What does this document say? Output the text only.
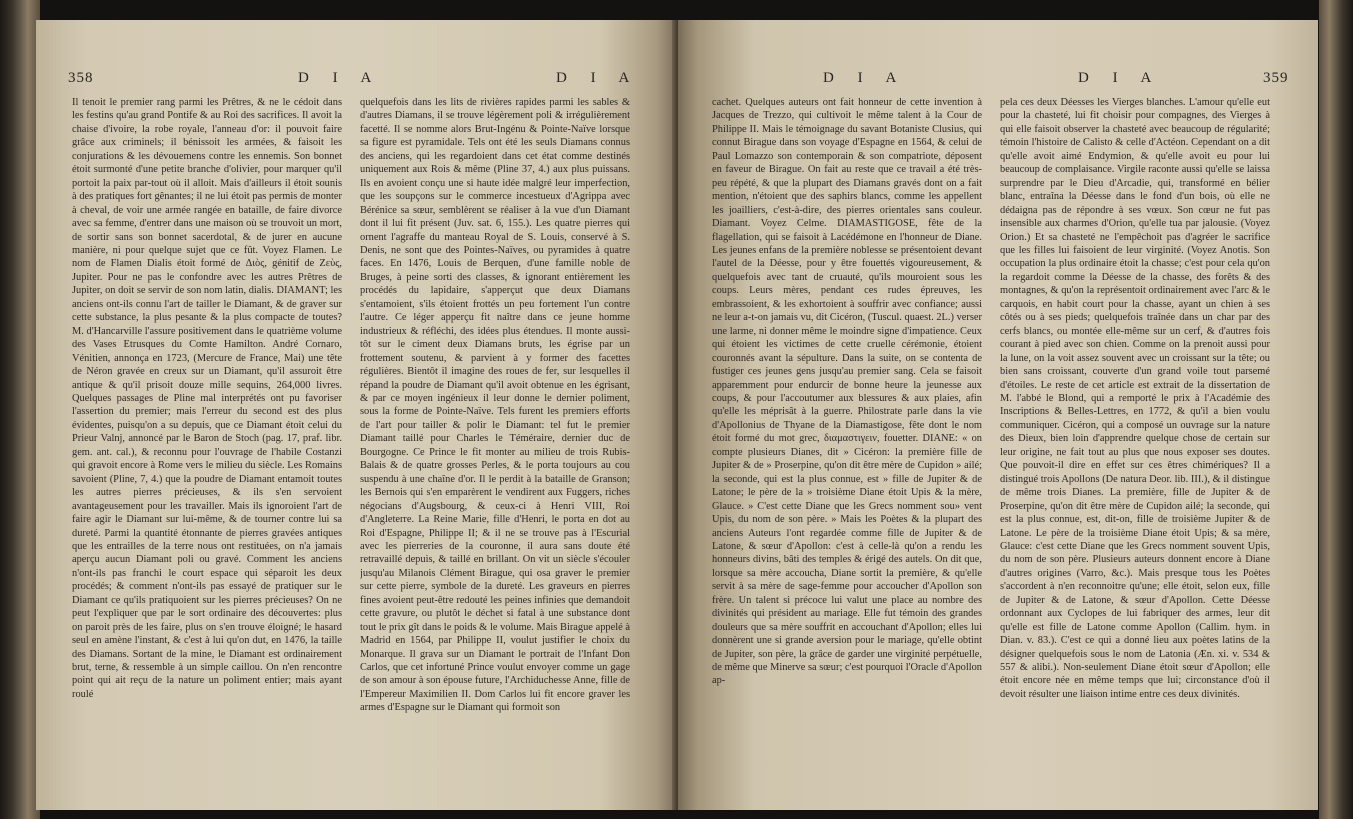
358	D I A	D I A

Il tenoit le premier rang parmi les Prêtres, & ne le cédoit dans les festins qu'au grand Pontife & au Roi des sacrifices. Il avoit la chaise d'ivoire, la robe royale, l'anneau d'or: il pouvoit faire grâce aux criminels; il bénissoit les armées, & faisoit les conjurations & les dévouemens contre les ennemis. Son bonnet étoit surmonté d'une petite branche d'olivier, pour marquer qu'il portoit la paix par-tout où il alloit. Mais d'ailleurs il étoit sounis à des pratiques fort gênantes; il ne lui étoit pas permis de monter à cheval, de voir une armée rangée en bataille, de faire divorce avec sa femme, d'entrer dans une maison où se trouvoit un mort, de sortir sans son bonnet sacerdotal, & de jurer en aucune manière, ni pour quelque sujet que ce fût. Voyez Flamen. Le nom de Flamen Dialis étoit formé de Διὸς, génitif de Ζεὺς, Jupiter. Pour ne pas le confondre avec les autres Prêtres de Jupiter, on doit se servir de son nom latin, dialis. DIAMANT; les anciens ont-ils connu l'art de tailler le Diamant, & de graver sur cette substance, la plus pesante & la plus compacte de toutes? M. d'Hancarville l'assure positivement dans le quatrième volume des Vases Etrusques du Comte Hamilton. André Cornaro, Vénitien, annonça en 1723, (Mercure de France, Mai) une tête de Néron gravée en creux sur un Diamant, qu'il assuroit être antique & qu'il prisoit douze mille sequins, 264,000 livres. Quelques passages de Pline mal interprétés ont pu favoriser l'assertion du premier; mais l'erreur du second est des plus évidentes, puisqu'on a su depuis, que ce Diamant étoit celui du Prieur Valnj, annoncé par le Baron de Stoch (pag. 17, praf. libr. gem. ant. cal.), & reconnu pour l'ouvrage de l'habile Costanzi qui gravoit encore à Rome vers le milieu du siècle. Les Romains savoient (Pline, 7, 4.) que la poudre de Diamant entamoit toutes les autres pierres précieuses, & ils s'en servoient avantageusement pour les travailler. Mais ils ignoroient l'art de faire agir le Diamant sur lui-même, & de tourner contre lui sa dureté. Parmi la quantité étonnante de pierres gravées antiques que les entrailles de la terre nous ont restituées, on n'a jamais aperçu aucun Diamant poli ou gravé. Comment les anciens n'ont-ils pas franchi le court espace qui séparoit les deux procédés; & comment n'ont-ils pas essayé de pratiquer sur le Diamant ce qu'ils pratiquoient sur les pierres précieuses? On ne peut l'expliquer que par le sort ordinaire des découvertes: plus on paroit près de les faire, plus on s'en trouve éloigné; le hasard seul en amène l'instant, & c'est à lui qu'on dut, en 1476, la taille des Diamans. Sortant de la mine, le Diamant est ordinairement brut, terne, & ressemble à un simple caillou. On n'en rencontre point qui ait reçu de la nature un poliment entier; mais ayant roulé

quelquefois dans les lits de rivières rapides parmi les sables & d'autres Diamans, il se trouve légèrement poli & irrégulièrement facetté. Il se nomme alors Brut-Ingénu & Pointe-Naïve lorsque sa figure est pyramidale. Tels ont été les seuls Diamans connus des anciens, qui les regardoient dans cet état comme destinés uniquement aux Rois & même (Pline 37, 4.) aux plus puissans. Ils en avoient conçu une si haute idée malgré leur imperfection, que les soupçons sur le commerce incestueux d'Agrippa avec Bérénice sa sœur, semblèrent se réaliser à la vue d'un Diamant dont il lui fit présent (Juv. sat. 6, 155.). Les quatre pierres qui ornent l'agraffe du manteau Royal de S. Louis, conservé à S. Denis, ne sont que des Pointes-Naïves, ou pyramides à quatre faces. En 1476, Louis de Berquen, d'une famille noble de Bruges, à peine sorti des classes, & ignorant entièrement les procédés du lapidaire, s'apperçut que deux Diamans s'entamoient, s'ils étoient frottés un peu fortement l'un contre l'autre. Ce léger apperçu fit naître dans ce jeune homme industrieux & réfléchi, des idées plus étendues. Il monte aussi-tôt sur le ciment deux Diamans bruts, les égrise par un frottement soutenu, & parvient à y former des facettes régulières. Bientôt il imagine des roues de fer, sur lesquelles il répand la poudre de Diamant qu'il avoit obtenue en les égrisant, & par ce moyen ingénieux il leur donne le dernier poliment, sous la forme de Pointe-Naïve. Tels furent les premiers efforts de l'art pour tailler & polir le Diamant: tel fut le premier Diamant taillé pour Charles le Téméraire, dernier duc de Bourgogne. Ce Prince le fit monter au milieu de trois Rubis-Balais & de quatre grosses Perles, & le porta toujours au cou suspendu à une chaîne d'or. Il le perdit à la bataille de Granson; les Bernois qui s'en emparèrent le vendirent aux Fuggers, riches négocians d'Augsbourg, & ceux-ci à Henri VIII, Roi d'Angleterre. La Reine Marie, fille d'Henri, le porta en dot au Roi d'Espagne, Philippe II; & il ne se trouve pas à l'Escurial avec les pierreries de la couronne, il aura sans doute été retravaillé depuis, & taillé en brillant. On vit un siècle s'écouler jusqu'au Milanois Clément Birague, qui osa graver le premier sur cette pierre, symbole de la dureté. Les graveurs en pierres fines avoient peut-être redouté les peines infinies que demandoit cette gravure, ou plutôt le déchet si fatal à une substance dont tout le prix gît dans le poids & le volume. Mais Birague appelé à Madrid en 1564, par Philippe II, voulut justifier le choix du Monarque. Il grava sur un Diamant le portrait de l'Infant Don Carlos, que cet infortuné Prince voulut envoyer comme un gage de son amour à son épouse future, l'Archiduchesse Anne, fille de l'Empereur Maximilien II. Dom Carlos lui fit encore graver les armes d'Espagne sur le Diamant qui formoit son

D I A	D I A	359

cachet. Quelques auteurs ont fait honneur de cette invention à Jacques de Trezzo, qui cultivoit le même talent à la Cour de Philippe II. Mais le témoignage du savant Botaniste Clusius, qui connut Birague dans son voyage d'Espagne en 1564, & celui de Paul Lomazzo son contemporain & son compatriote, déposent en faveur de Birague. On fait au reste que ce travail a été très-peu répété, & que la plupart des Diamans gravés dont on a fait mention, n'étoient que des saphirs blancs, comme les appellent les joailliers, c'est-à-dire, des pierres orientales sans couleur. Diamant. Voyez Celme. DIAMASTIGOSE, fête de la flagellation, qui se faisoit à Lacédémone en l'honneur de Diane. Les jeunes enfans de la première noblesse se présentoient devant l'autel de la Déesse, pour y être fouettés vigoureusement, & quelquefois avec tant de cruauté, qu'ils mouroient sous les coups. Leurs mères, pendant ces rudes épreuves, les embrassoient, & les exhortoient à souffrir avec confiance; aussi ne leur a-t-on jamais vu, dit Cicéron, (Tuscul. quaest. 2L.) verser une larme, ni donner même le moindre signe d'impatience. Ceux qui étoient les victimes de cette cruelle cérémonie, étoient couronnés avant la sépulture. Dans la suite, on se contenta de fustiger ces jeunes gens jusqu'au premier sang. Cela se faisoit apparemment pour endurcir de bonne heure la jeunesse aux coups, & pour l'accoutumer aux blessures & aux plaies, afin qu'elle les méprisât à la guerre. Philostrate parle dans la vie d'Apollonius de Thyane de la Diamastigose, fête dont le nom étoit formé du mot grec, διαμαστιγειν, fouetter. DIANE: « on compte plusieurs Dianes, dit » Cicéron: la première fille de Jupiter & de » Proserpine, qu'on dit être mère de Cupidon » ailé; la seconde, qui est la plus connue, est » fille de Jupiter & de Latone; le père de la » troisième Diane étoit Upis & la mère, Glauce. » C'est cette Diane que les Grecs nomment sou» vent Upis, du nom de son père. » Mais les Poètes & la plupart des anciens Auteurs l'ont regardée comme fille de Jupiter & de Latone, & sœur d'Apollon: c'est à celle-là qu'on a rendu les honneurs divins, bâti des temples & érigé des autels. On dit que, lorsque sa mère accoucha, Diane sortit la première, & qu'elle servit à sa mère de sage-femme pour accoucher d'Apollon son frère. Un talent si précoce lui valut une place au nombre des divinités qui président au mariage. Elle fut témoin des grandes douleurs que sa mère souffrit en accouchant d'Apollon; elles lui donnèrent une si grande aversion pour le mariage, qu'elle obtint de Jupiter, son père, la grâce de garder une virginité perpétuelle, de même que Minerve sa sœur; c'est pourquoi l'Oracle d'Apollon ap-

pela ces deux Déesses les Vierges blanches. L'amour qu'elle eut pour la chasteté, lui fit choisir pour compagnes, des Vierges à qui elle faisoit observer la chasteté avec beaucoup de régularité; témoin l'histoire de Calisto & celle d'Actéon. Cependant on a dit qu'elle avoit aimé Endymion, & qu'elle avoit eu pour lui beaucoup de complaisance. Virgile raconte aussi qu'elle se laissa surprendre par le Dieu d'Arcadie, qui, transformé en bélier blanc, entraîna la Déesse dans le fond d'un bois, où elle ne dédaigna pas de répondre à ses vœux. Son cœur ne fut pas insensible aux charmes d'Orion, qu'elle tua par jalousie. (Voyez Orion.) Et sa chasteté ne l'empêchoit pas d'agréer le sacrifice que les filles lui faisoient de leur virginité. (Voyez Anotis. Son occupation la plus ordinaire étoit la chasse; c'est pour cela qu'on la regardoit comme la Déesse de la chasse, des forêts & des montagnes, & qu'on la représentoit ordinairement avec l'arc & le carquois, en habit court pour la chasse, ayant un chien à ses côtés ou à ses pieds; quelquefois traînée dans un char par des cerfs blancs, ou montée elle-même sur un cerf, & d'autres fois courant à pied avec son chien. Comme on la prenoit aussi pour la lune, on la voit assez souvent avec un croissant sur la tête; ou bien sans croissant, couverte d'un grand voile tout parsemé d'étoiles. Le reste de cet article est extrait de la dissertation de M. l'abbé le Blond, qui a remporté le prix à l'Académie des Inscriptions & Belles-Lettres, en 1772, & qu'il a bien voulu communiquer. Cicéron, qui a composé un ouvrage sur la nature des Dieux, bien loin d'apprendre quelque chose de certain sur leur origine, ne fait tout au plus que nous exposer ses doutes. Que pouvoit-il dire en effet sur ces êtres chimériques? Il a distingué trois Apollons (De natura Deor. lib. III.), & il distingue de même trois Dianes. La première, fille de Jupiter & de Proserpine, qu'on dit être mère de Cupidon ailé; la seconde, qui est la plus connue, est, dit-on, fille de troisième Jupiter & de Latone. Le père de la troisième Diane étoit Upis; & sa mère, Glauce: c'est cette Diane que les Grecs nomment souvent Upis, du nom de son père. Plusieurs auteurs donnent encore à Diane d'autres origines (Varro, &c.). Mais presque tous les Poètes s'accordent à n'en reconnoitre qu'une; elle étoit, selon eux, fille de Jupiter & de Latone, & sœur d'Apollon. Cette Déesse ordonnant aux Cyclopes de lui fabriquer des armes, leur dit qu'elle est fille de Latone comme Apollon (Callim. hym. in Dian. v. 83.). C'est ce qui a donné lieu aux poètes latins de la désigner quelquefois sous le nom de Latonia (Æn. xi. v. 534 & 557 & alibi.). Non-seulement Diane étoit sœur d'Apollon; elle étoit encore née en même temps que lui; circonstance d'où il devoit résulter une liaison intime entre ces deux divinités.
